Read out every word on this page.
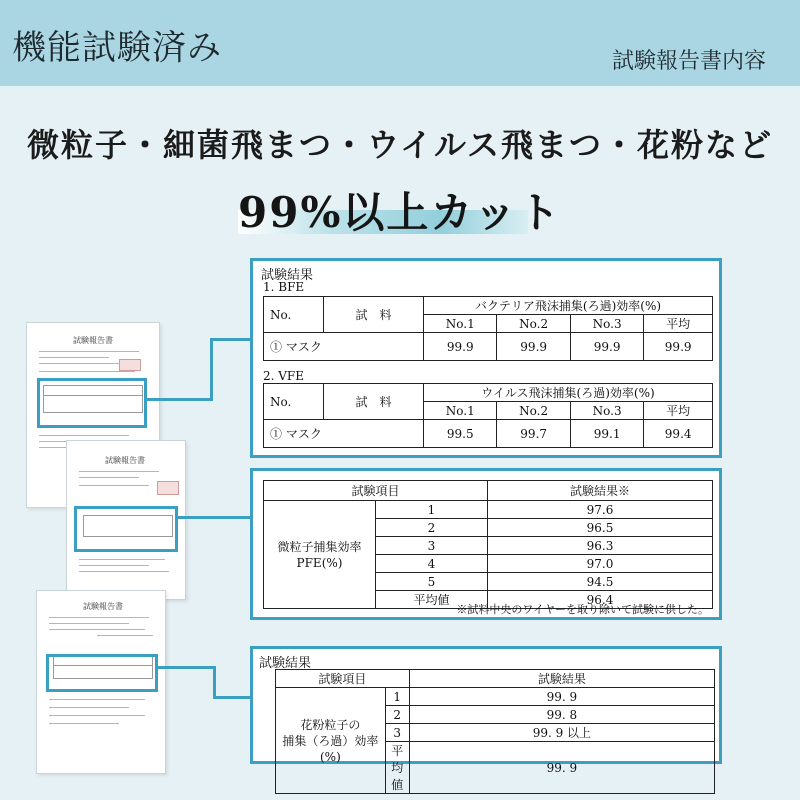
機能試験済み	試験報告書内容
微粒子・細菌飛まつ・ウイルス飛まつ・花粉など
99%以上カット
試験報告書
試験報告書
試験報告書
試験結果
1. BFE
No.	試　料	バクテリア飛沫捕集(ろ過)効率(%)			
		No.1	No.2	No.3	平均
① マスク		99.9	99.9	99.9	99.9
2. VFE
No.	試　料	ウイルス飛沫捕集(ろ過)効率(%)			
		No.1	No.2	No.3	平均
① マスク		99.5	99.7	99.1	99.4
試験項目		試験結果※
微粒子捕集効率
PFE(%)	1	97.6
	2	96.5
	3	96.3
	4	97.0
	5	94.5
	平均値	96.4
※試料中央のワイヤーを取り除いて試験に供した。
試験結果
試験項目		試験結果
花粉粒子の
捕集（ろ過）効率
(%)	1	99. 9
	2	99. 8
	3	99. 9 以上
	平均値	99. 9
